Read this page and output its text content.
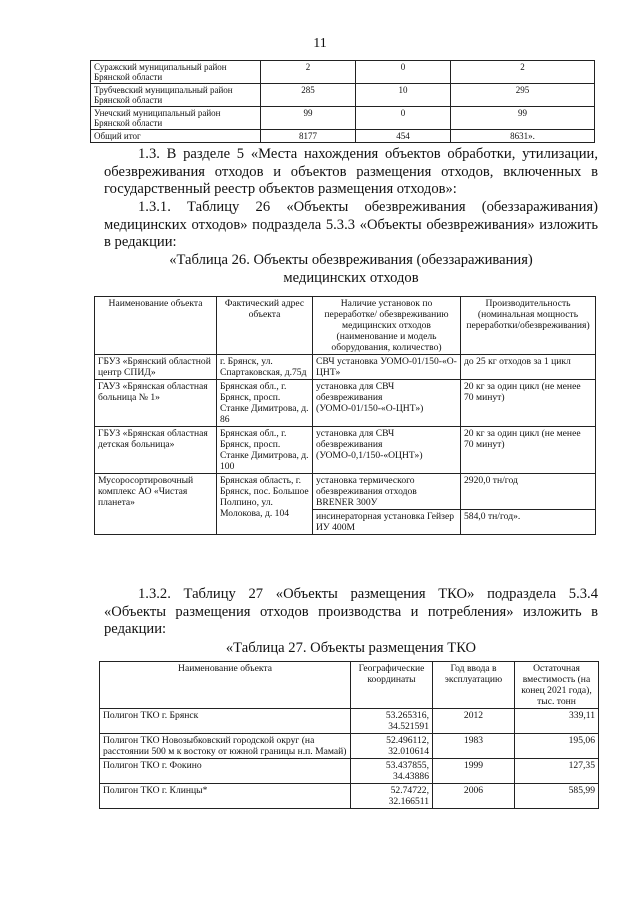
11
Суражский муниципальный район Брянской области	2	0	2
Трубчевский муниципальный район Брянской области	285	10	295
Унечский муниципальный район Брянской области	99	0	99
Общий итог	8177	454	8631».
1.3. В разделе 5 «Места нахождения объектов обработки, утилизации, обезвреживания отходов и объектов размещения отходов, включенных в государственный реестр объектов размещения отходов»:
1.3.1. Таблицу 26 «Объекты обезвреживания (обеззараживания) медицинских отходов» подраздела 5.3.3 «Объекты обезвреживания» изложить в редакции:
«Таблица 26. Объекты обезвреживания (обеззараживания)
медицинских отходов
Наименование объекта	Фактический адрес объекта	Наличие установок по переработке/ обезвреживанию медицинских отходов (наименование и модель оборудования, количество)	Производительность (номинальная мощность переработки/обезвреживания)
ГБУЗ «Брянский областной центр СПИД»	г. Брянск, ул. Спартаковская, д.75д	СВЧ установка УОМО-01/150-«О-ЦНТ»	до 25 кг отходов за 1 цикл
ГАУЗ «Брянская областная больница № 1»	Брянская обл., г. Брянск, просп. Станке Димитрова, д. 86	установка для СВЧ обезвреживания (УОМО-01/150-«О-ЦНТ»)	20 кг за один цикл (не менее 70 минут)
ГБУЗ «Брянская областная детская больница»	Брянская обл., г. Брянск, просп. Станке Димитрова, д. 100	установка для СВЧ обезвреживания (УОМО-0,1/150-«ОЦНТ»)	20 кг за один цикл (не менее 70 минут)
Мусоросортировочный комплекс АО «Чистая планета»	Брянская область, г. Брянск, пос. Большое Полпино, ул. Молокова, д. 104	установка термического обезвреживания отходов BRENER 300У	2920,0 тн/год
		инсинераторная установка Гейзер ИУ 400М	584,0 тн/год».
1.3.2. Таблицу 27 «Объекты размещения ТКО» подраздела 5.3.4 «Объекты размещения отходов производства и потребления» изложить в редакции:
«Таблица 27. Объекты размещения ТКО
Наименование объекта	Географические координаты	Год ввода в эксплуатацию	Остаточная вместимость (на конец 2021 года), тыс. тонн
Полигон ТКО г. Брянск	53.265316, 34.521591	2012	339,11
Полигон ТКО Новозыбковский городской округ (на расстоянии 500 м к востоку от южной границы н.п. Мамай)	52.496112, 32.010614	1983	195,06
Полигон ТКО г. Фокино	53.437855, 34.43886	1999	127,35
Полигон ТКО г. Клинцы*	52.74722, 32.166511	2006	585,99
